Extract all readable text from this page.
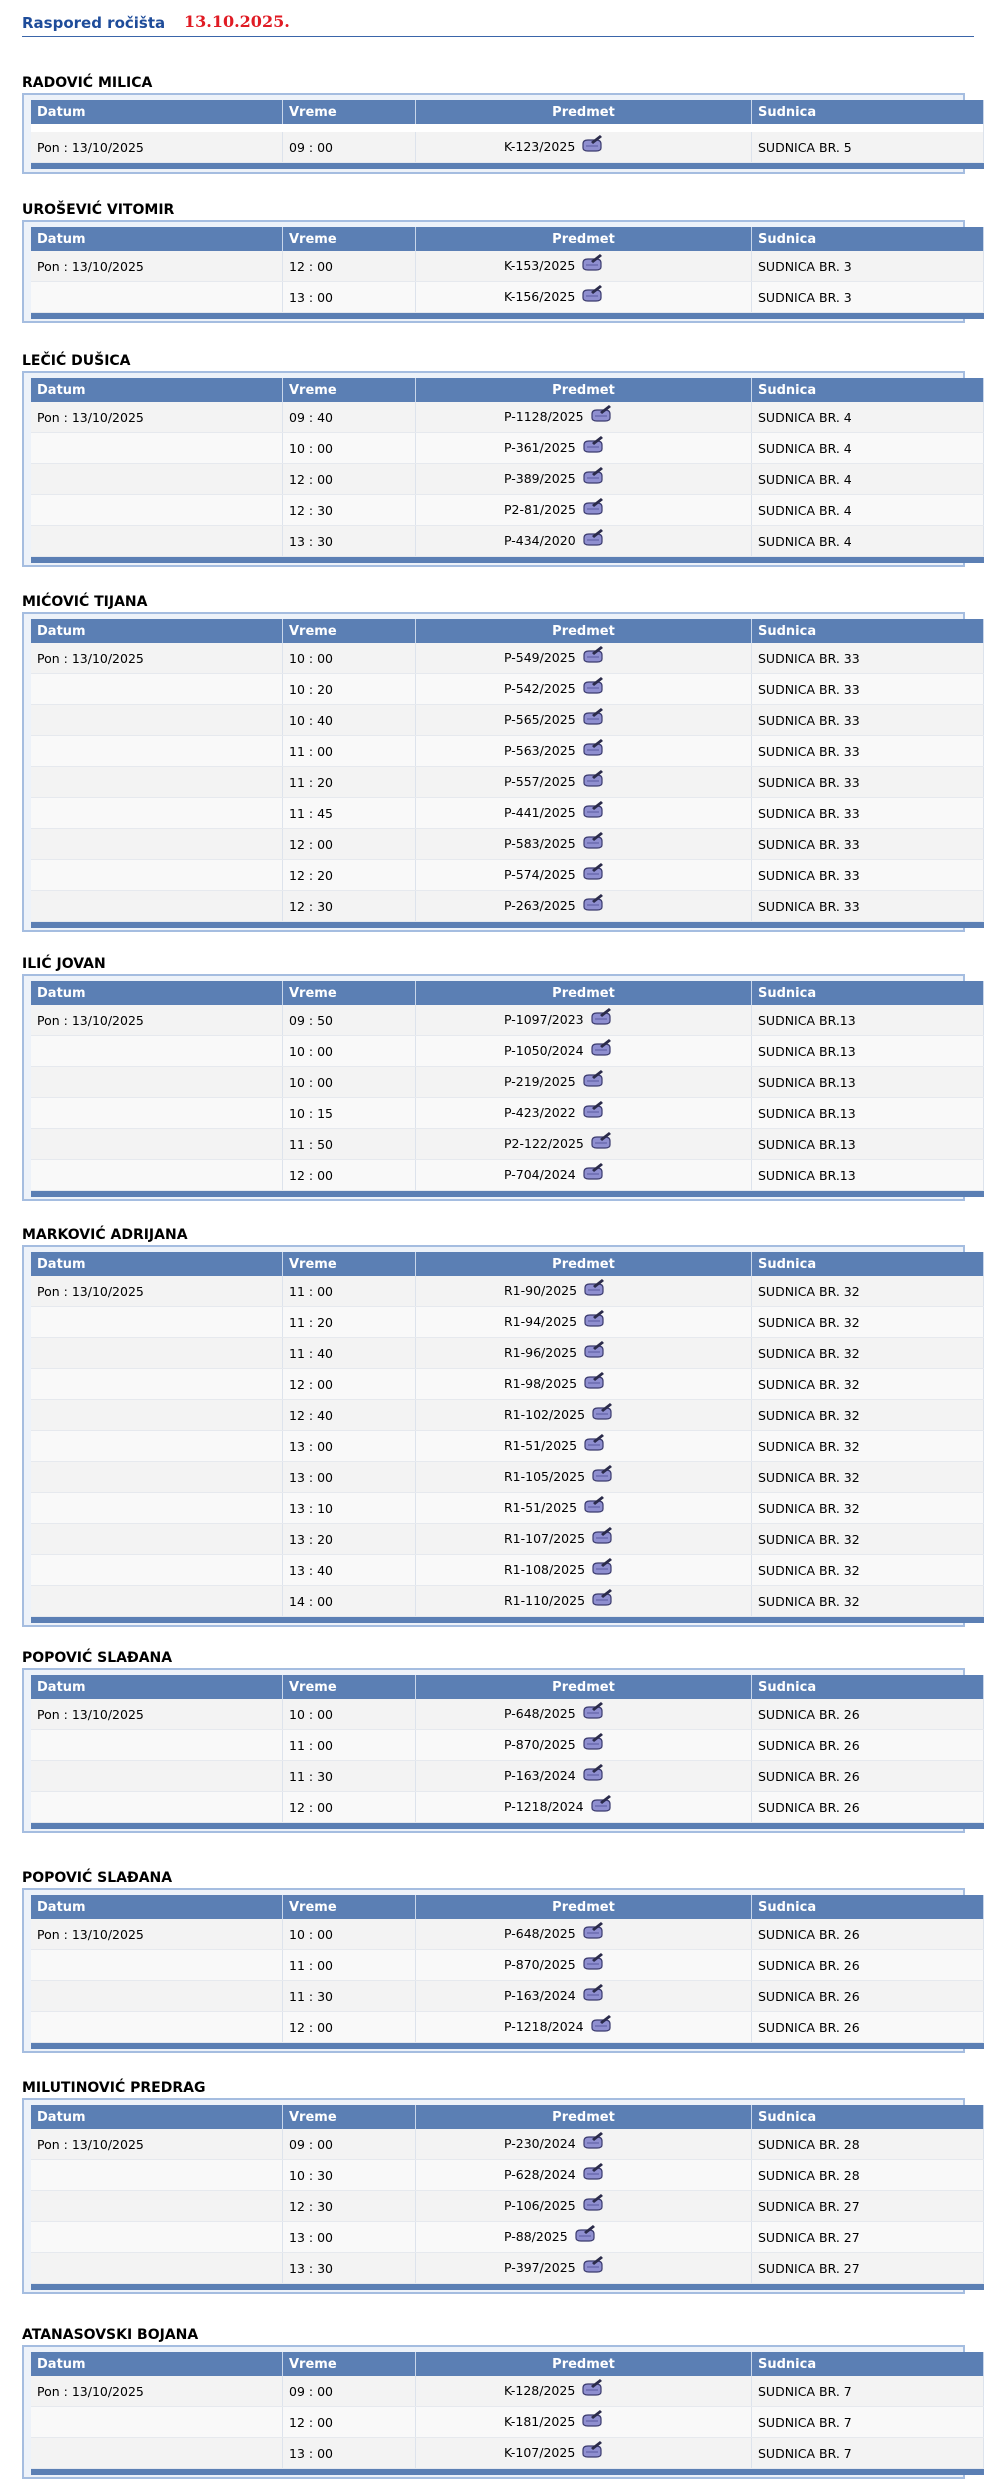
Raspored ročišta 13.10.2025.
RADOVIĆ MILICA
Datum	Vreme	Predmet	Sudnica

Pon : 13/10/2025	09 : 00	K-123/2025	SUDNICA BR. 5

UROŠEVIĆ VITOMIR
Datum	Vreme	Predmet	Sudnica
Pon : 13/10/2025	12 : 00	K-153/2025	SUDNICA BR. 3
	13 : 00	K-156/2025	SUDNICA BR. 3

LEČIĆ DUŠICA
Datum	Vreme	Predmet	Sudnica
Pon : 13/10/2025	09 : 40	P-1128/2025	SUDNICA BR. 4
	10 : 00	P-361/2025	SUDNICA BR. 4
	12 : 00	P-389/2025	SUDNICA BR. 4
	12 : 30	P2-81/2025	SUDNICA BR. 4
	13 : 30	P-434/2020	SUDNICA BR. 4

MIĆOVIĆ TIJANA
Datum	Vreme	Predmet	Sudnica
Pon : 13/10/2025	10 : 00	P-549/2025	SUDNICA BR. 33
	10 : 20	P-542/2025	SUDNICA BR. 33
	10 : 40	P-565/2025	SUDNICA BR. 33
	11 : 00	P-563/2025	SUDNICA BR. 33
	11 : 20	P-557/2025	SUDNICA BR. 33
	11 : 45	P-441/2025	SUDNICA BR. 33
	12 : 00	P-583/2025	SUDNICA BR. 33
	12 : 20	P-574/2025	SUDNICA BR. 33
	12 : 30	P-263/2025	SUDNICA BR. 33

ILIĆ JOVAN
Datum	Vreme	Predmet	Sudnica
Pon : 13/10/2025	09 : 50	P-1097/2023	SUDNICA BR.13
	10 : 00	P-1050/2024	SUDNICA BR.13
	10 : 00	P-219/2025	SUDNICA BR.13
	10 : 15	P-423/2022	SUDNICA BR.13
	11 : 50	P2-122/2025	SUDNICA BR.13
	12 : 00	P-704/2024	SUDNICA BR.13

MARKOVIĆ ADRIJANA
Datum	Vreme	Predmet	Sudnica
Pon : 13/10/2025	11 : 00	R1-90/2025	SUDNICA BR. 32
	11 : 20	R1-94/2025	SUDNICA BR. 32
	11 : 40	R1-96/2025	SUDNICA BR. 32
	12 : 00	R1-98/2025	SUDNICA BR. 32
	12 : 40	R1-102/2025	SUDNICA BR. 32
	13 : 00	R1-51/2025	SUDNICA BR. 32
	13 : 00	R1-105/2025	SUDNICA BR. 32
	13 : 10	R1-51/2025	SUDNICA BR. 32
	13 : 20	R1-107/2025	SUDNICA BR. 32
	13 : 40	R1-108/2025	SUDNICA BR. 32
	14 : 00	R1-110/2025	SUDNICA BR. 32

POPOVIĆ SLAĐANA
Datum	Vreme	Predmet	Sudnica
Pon : 13/10/2025	10 : 00	P-648/2025	SUDNICA BR. 26
	11 : 00	P-870/2025	SUDNICA BR. 26
	11 : 30	P-163/2024	SUDNICA BR. 26
	12 : 00	P-1218/2024	SUDNICA BR. 26

POPOVIĆ SLAĐANA
Datum	Vreme	Predmet	Sudnica
Pon : 13/10/2025	10 : 00	P-648/2025	SUDNICA BR. 26
	11 : 00	P-870/2025	SUDNICA BR. 26
	11 : 30	P-163/2024	SUDNICA BR. 26
	12 : 00	P-1218/2024	SUDNICA BR. 26

MILUTINOVIĆ PREDRAG
Datum	Vreme	Predmet	Sudnica
Pon : 13/10/2025	09 : 00	P-230/2024	SUDNICA BR. 28
	10 : 30	P-628/2024	SUDNICA BR. 28
	12 : 30	P-106/2025	SUDNICA BR. 27
	13 : 00	P-88/2025	SUDNICA BR. 27
	13 : 30	P-397/2025	SUDNICA BR. 27

ATANASOVSKI BOJANA
Datum	Vreme	Predmet	Sudnica
Pon : 13/10/2025	09 : 00	K-128/2025	SUDNICA BR. 7
	12 : 00	K-181/2025	SUDNICA BR. 7
	13 : 00	K-107/2025	SUDNICA BR. 7
